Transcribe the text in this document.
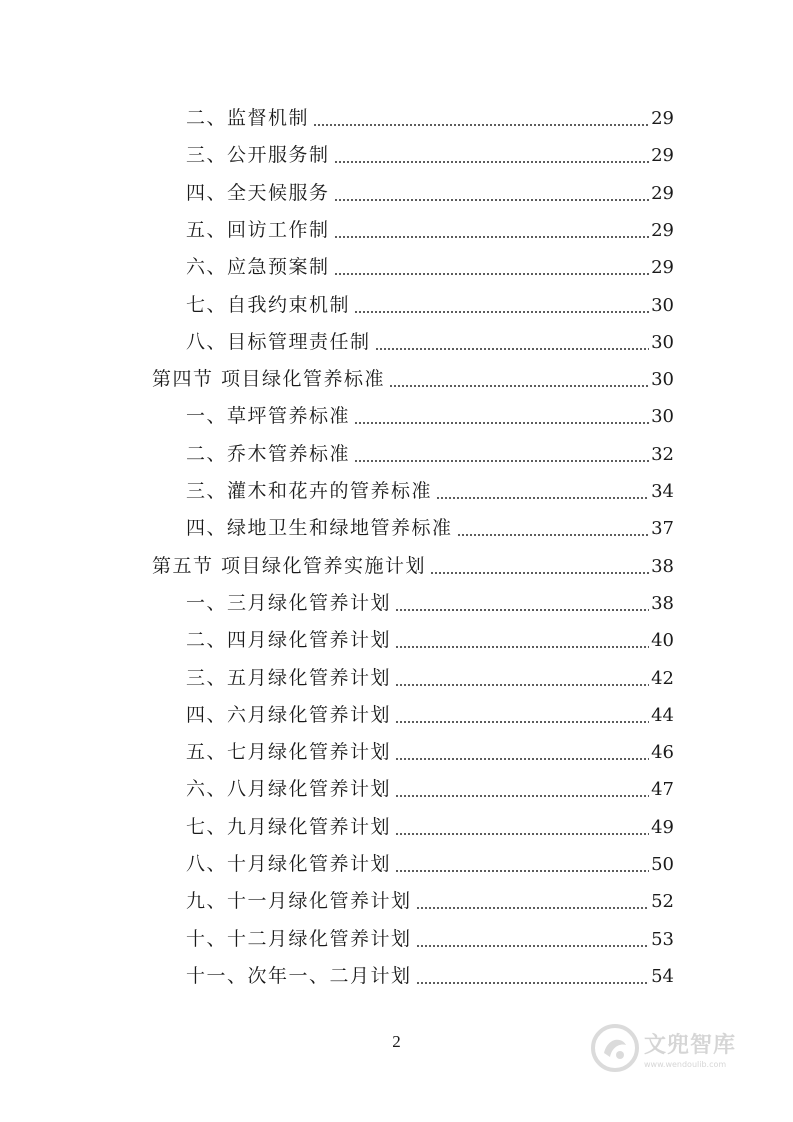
二、监督机制	29
三、公开服务制	29
四、全天候服务	29
五、回访工作制	29
六、应急预案制	29
七、自我约束机制	30
八、目标管理责任制	30
第四节 项目绿化管养标准	30
一、草坪管养标准	30
二、乔木管养标准	32
三、灌木和花卉的管养标准	34
四、绿地卫生和绿地管养标准	37
第五节 项目绿化管养实施计划	38
一、三月绿化管养计划	38
二、四月绿化管养计划	40
三、五月绿化管养计划	42
四、六月绿化管养计划	44
五、七月绿化管养计划	46
六、八月绿化管养计划	47
七、九月绿化管养计划	49
八、十月绿化管养计划	50
九、十一月绿化管养计划	52
十、十二月绿化管养计划	53
十一、次年一、二月计划	54
2	文兜智库
www.wendoulib.com
